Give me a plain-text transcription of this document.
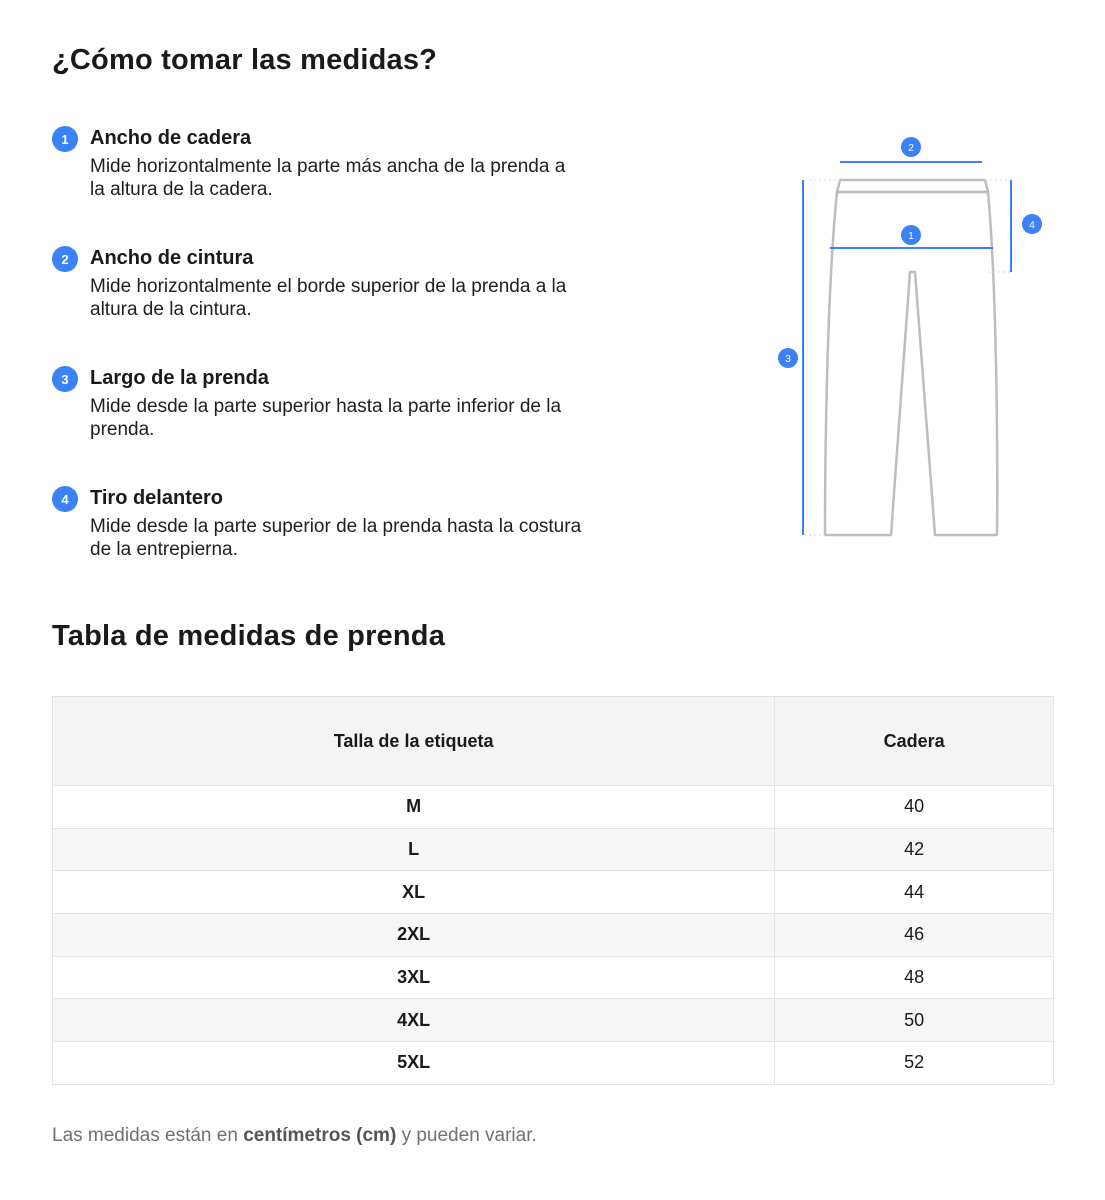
¿Cómo tomar las medidas?
1	Ancho de cadera
Mide horizontalmente la parte más ancha de la prenda a
la altura de la cadera.
2	Ancho de cintura
Mide horizontalmente el borde superior de la prenda a la
altura de la cintura.
3	Largo de la prenda
Mide desde la parte superior hasta la parte inferior de la
prenda.
4	Tiro delantero
Mide desde la parte superior de la prenda hasta la costura
de la entrepierna.
1
2
3
4
Tabla de medidas de prenda
Talla de la etiqueta	Cadera
M	40
L	42
XL	44
2XL	46
3XL	48
4XL	50
5XL	52

Las medidas están en centímetros (cm) y pueden variar.
